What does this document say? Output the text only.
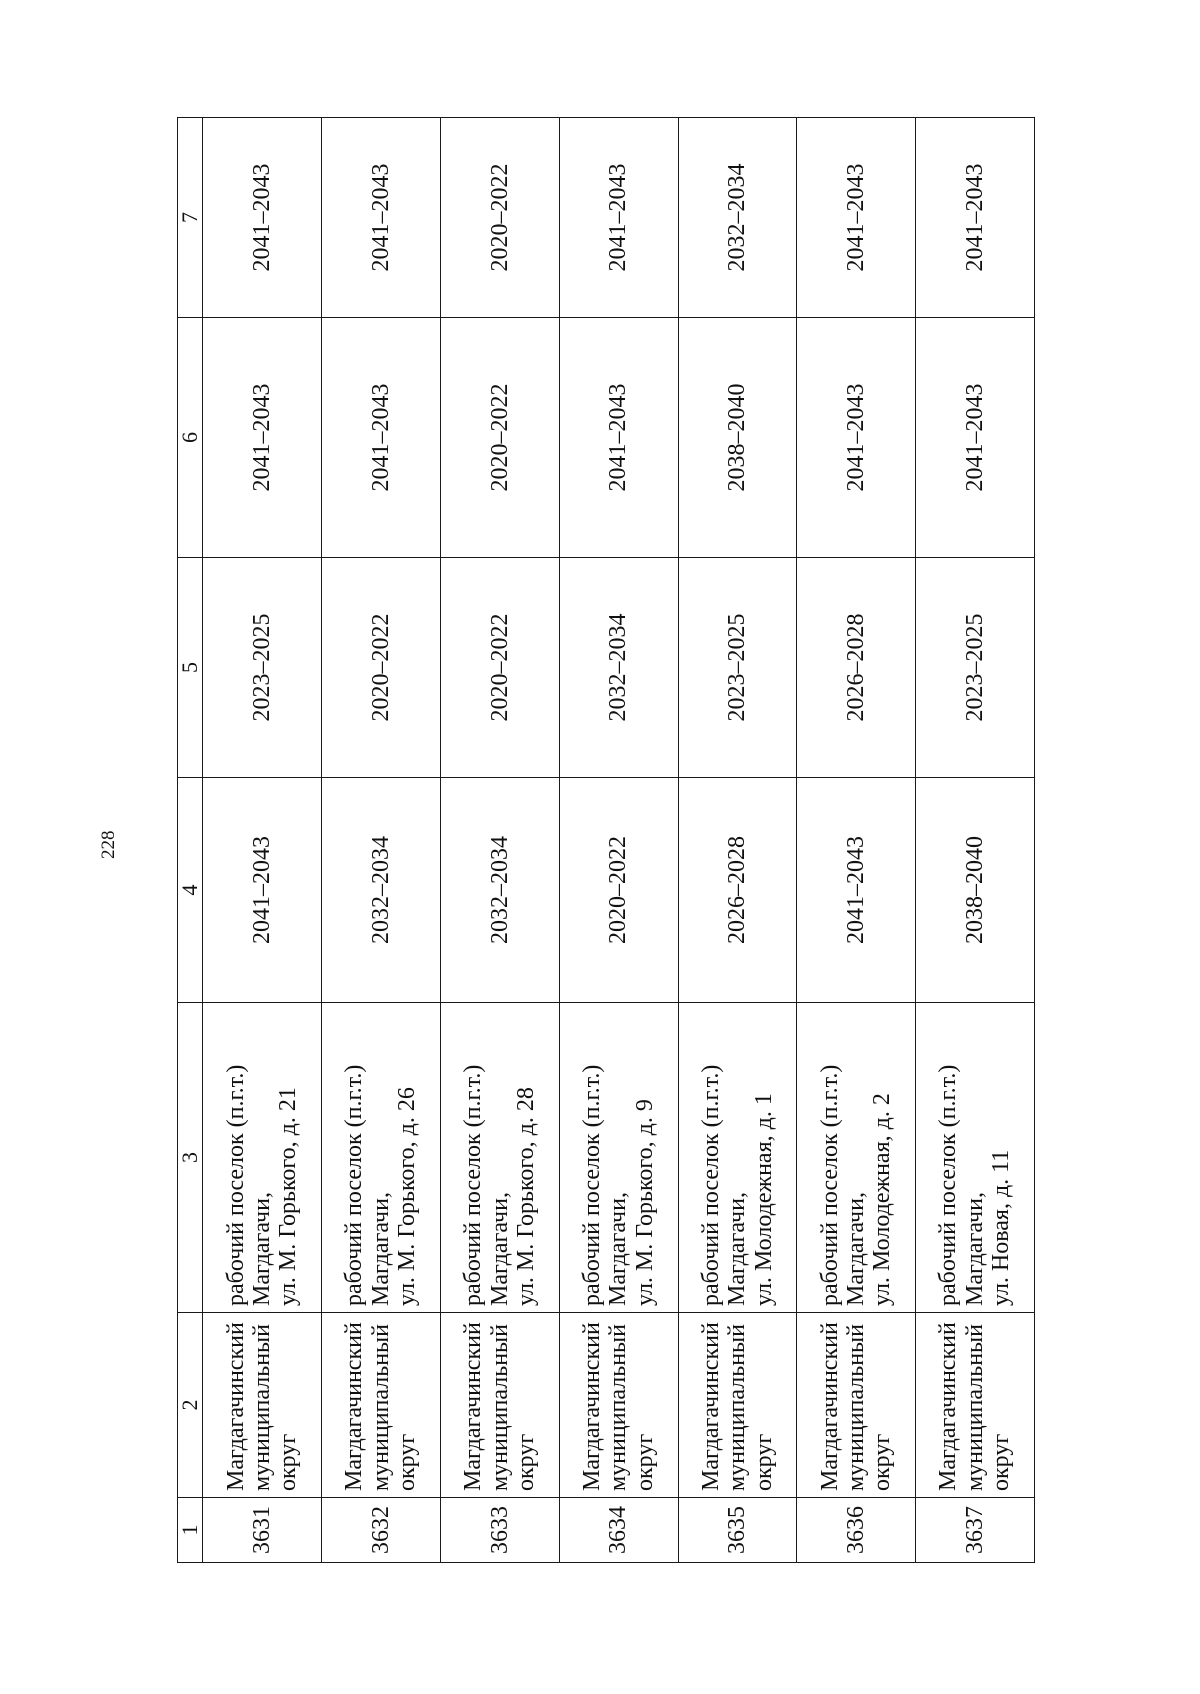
228
1	2	3	4	5	6	7
3631	Магдагачинский
муниципальный
округ	рабочий поселок (п.г.т.)
Магдагачи,
ул. М. Горького, д. 21	2041–2043	2023–2025	2041–2043	2041–2043
3632	Магдагачинский
муниципальный
округ	рабочий поселок (п.г.т.)
Магдагачи,
ул. М. Горького, д. 26	2032–2034	2020–2022	2041–2043	2041–2043
3633	Магдагачинский
муниципальный
округ	рабочий поселок (п.г.т.)
Магдагачи,
ул. М. Горького, д. 28	2032–2034	2020–2022	2020–2022	2020–2022
3634	Магдагачинский
муниципальный
округ	рабочий поселок (п.г.т.)
Магдагачи,
ул. М. Горького, д. 9	2020–2022	2032–2034	2041–2043	2041–2043
3635	Магдагачинский
муниципальный
округ	рабочий поселок (п.г.т.)
Магдагачи,
ул. Молодежная, д. 1	2026–2028	2023–2025	2038–2040	2032–2034
3636	Магдагачинский
муниципальный
округ	рабочий поселок (п.г.т.)
Магдагачи,
ул. Молодежная, д. 2	2041–2043	2026–2028	2041–2043	2041–2043
3637	Магдагачинский
муниципальный
округ	рабочий поселок (п.г.т.)
Магдагачи,
ул. Новая, д. 11	2038–2040	2023–2025	2041–2043	2041–2043
